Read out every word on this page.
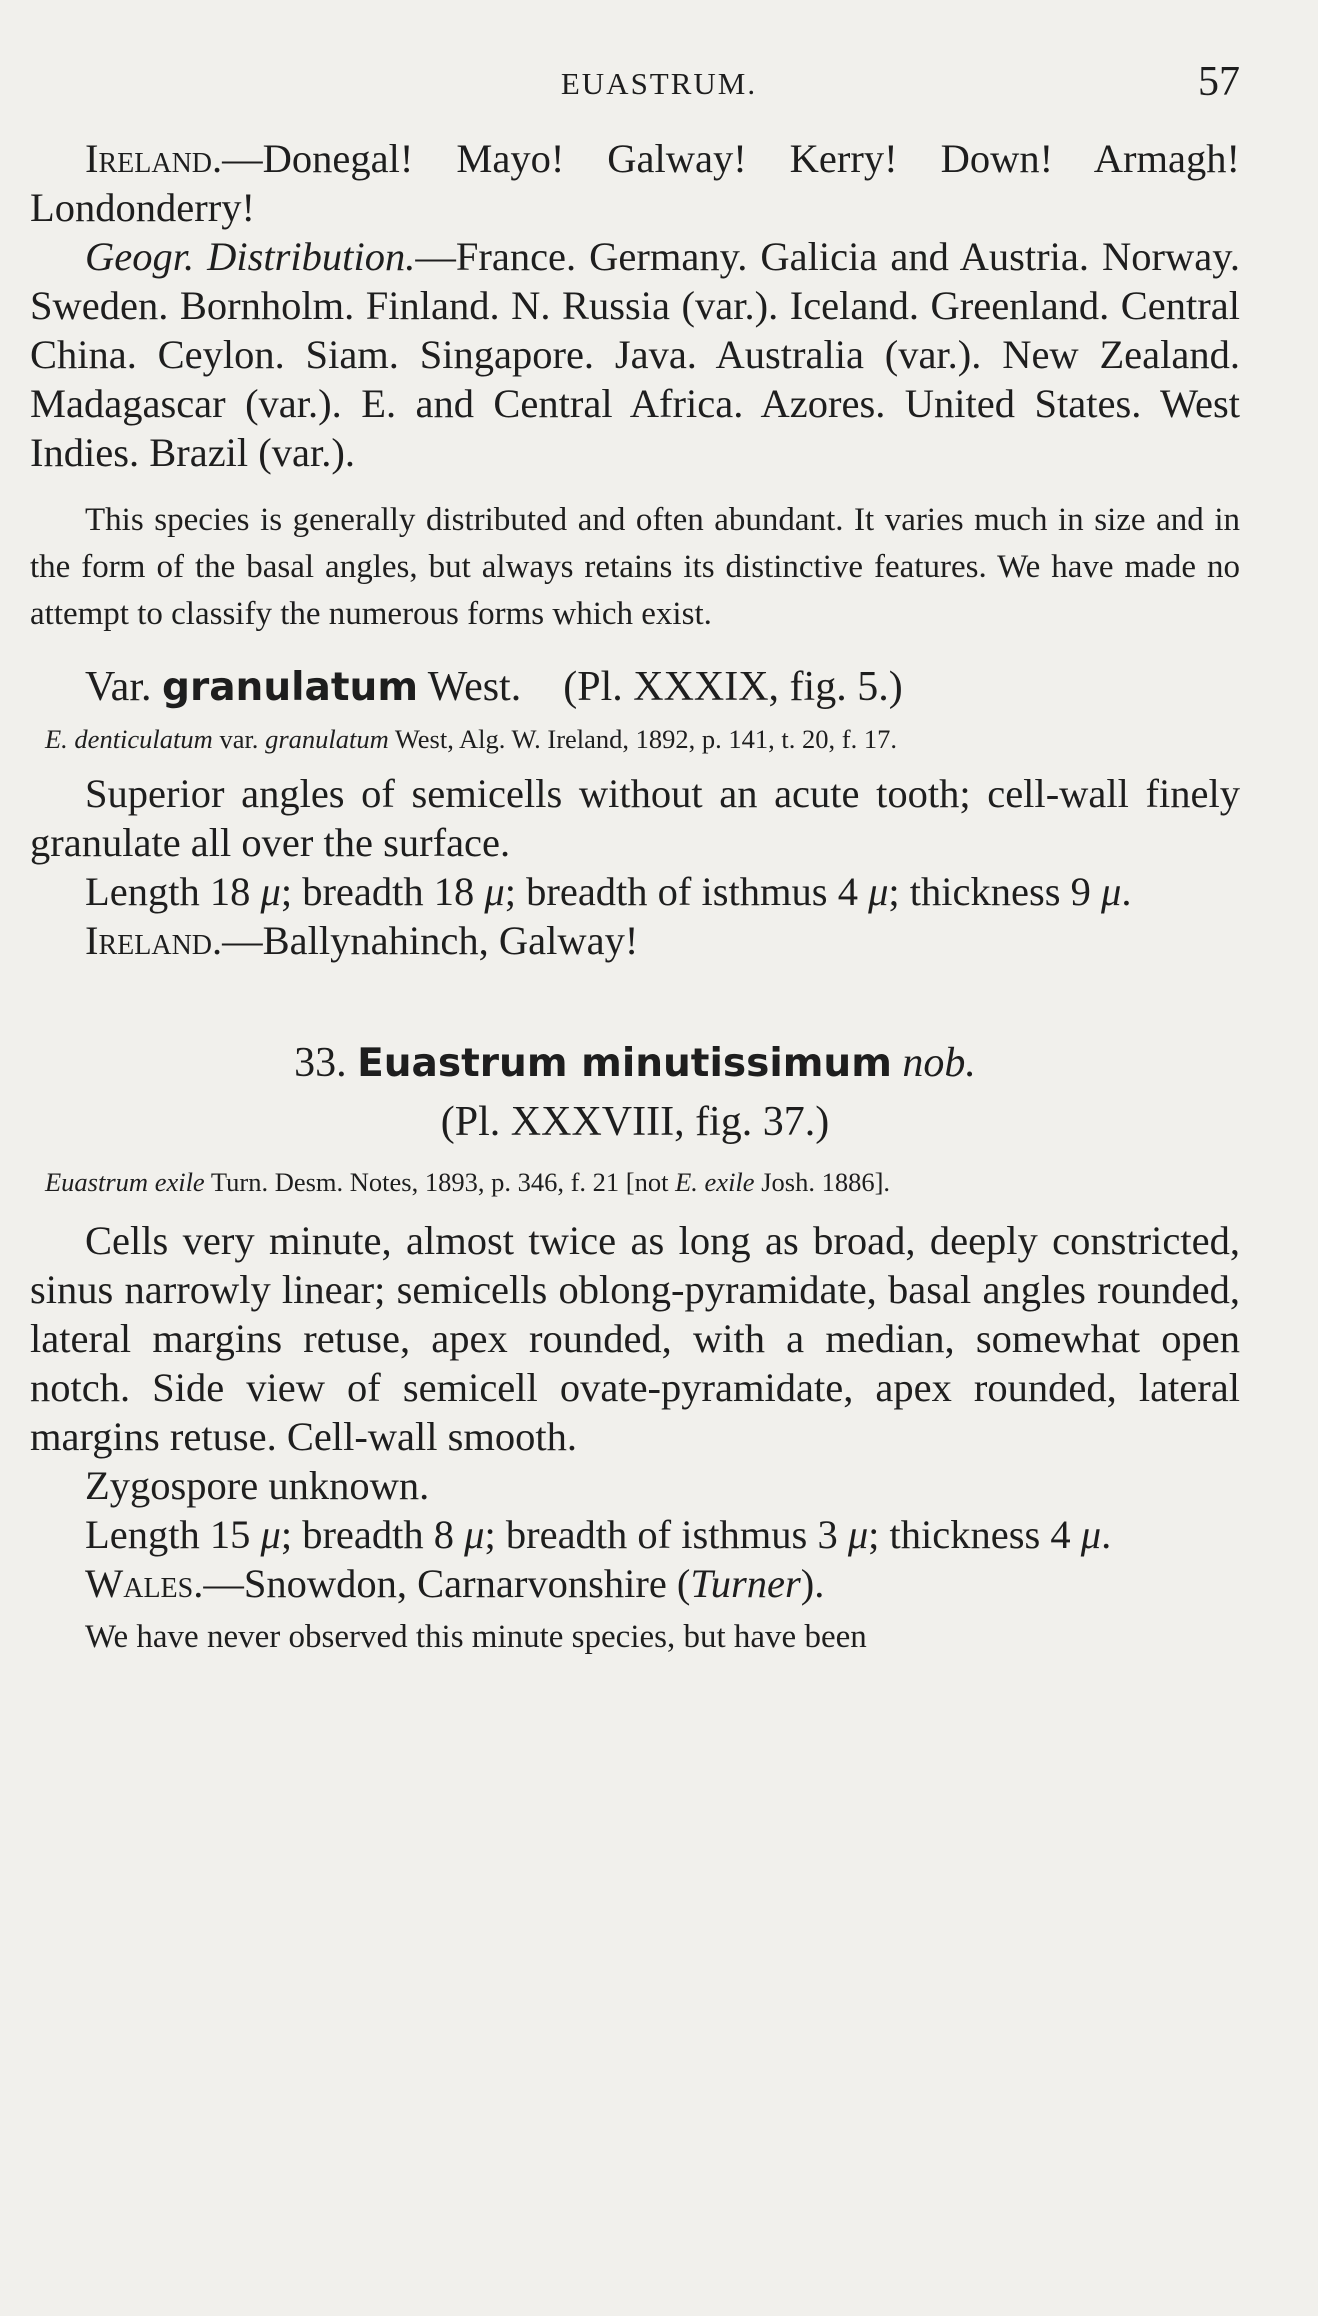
EUASTRUM.	57

Ireland.—Donegal! Mayo! Galway! Kerry! Down! Armagh! Londonderry!

Geogr. Distribution.—France. Germany. Galicia and Austria. Norway. Sweden. Bornholm. Finland. N. Russia (var.). Iceland. Greenland. Central China. Ceylon. Siam. Singapore. Java. Australia (var.). New Zealand. Madagascar (var.). E. and Central Africa. Azores. United States. West Indies. Brazil (var.).

This species is generally distributed and often abundant. It varies much in size and in the form of the basal angles, but always retains its distinctive features. We have made no attempt to classify the numerous forms which exist.

Var. granulatum West. (Pl. XXXIX, fig. 5.)

E. denticulatum var. granulatum West, Alg. W. Ireland, 1892, p. 141, t. 20, f. 17.

Superior angles of semicells without an acute tooth; cell-wall finely granulate all over the surface.

Length 18 μ; breadth 18 μ; breadth of isthmus 4 μ; thickness 9 μ.

Ireland.—Ballynahinch, Galway!

33. Euastrum minutissimum nob.

(Pl. XXXVIII, fig. 37.)

Euastrum exile Turn. Desm. Notes, 1893, p. 346, f. 21 [not E. exile Josh. 1886].

Cells very minute, almost twice as long as broad, deeply constricted, sinus narrowly linear; semicells oblong-pyramidate, basal angles rounded, lateral margins retuse, apex rounded, with a median, somewhat open notch. Side view of semicell ovate-pyramidate, apex rounded, lateral margins retuse. Cell-wall smooth.

Zygospore unknown.

Length 15 μ; breadth 8 μ; breadth of isthmus 3 μ; thickness 4 μ.

Wales.—Snowdon, Carnarvonshire (Turner).

We have never observed this minute species, but have been
